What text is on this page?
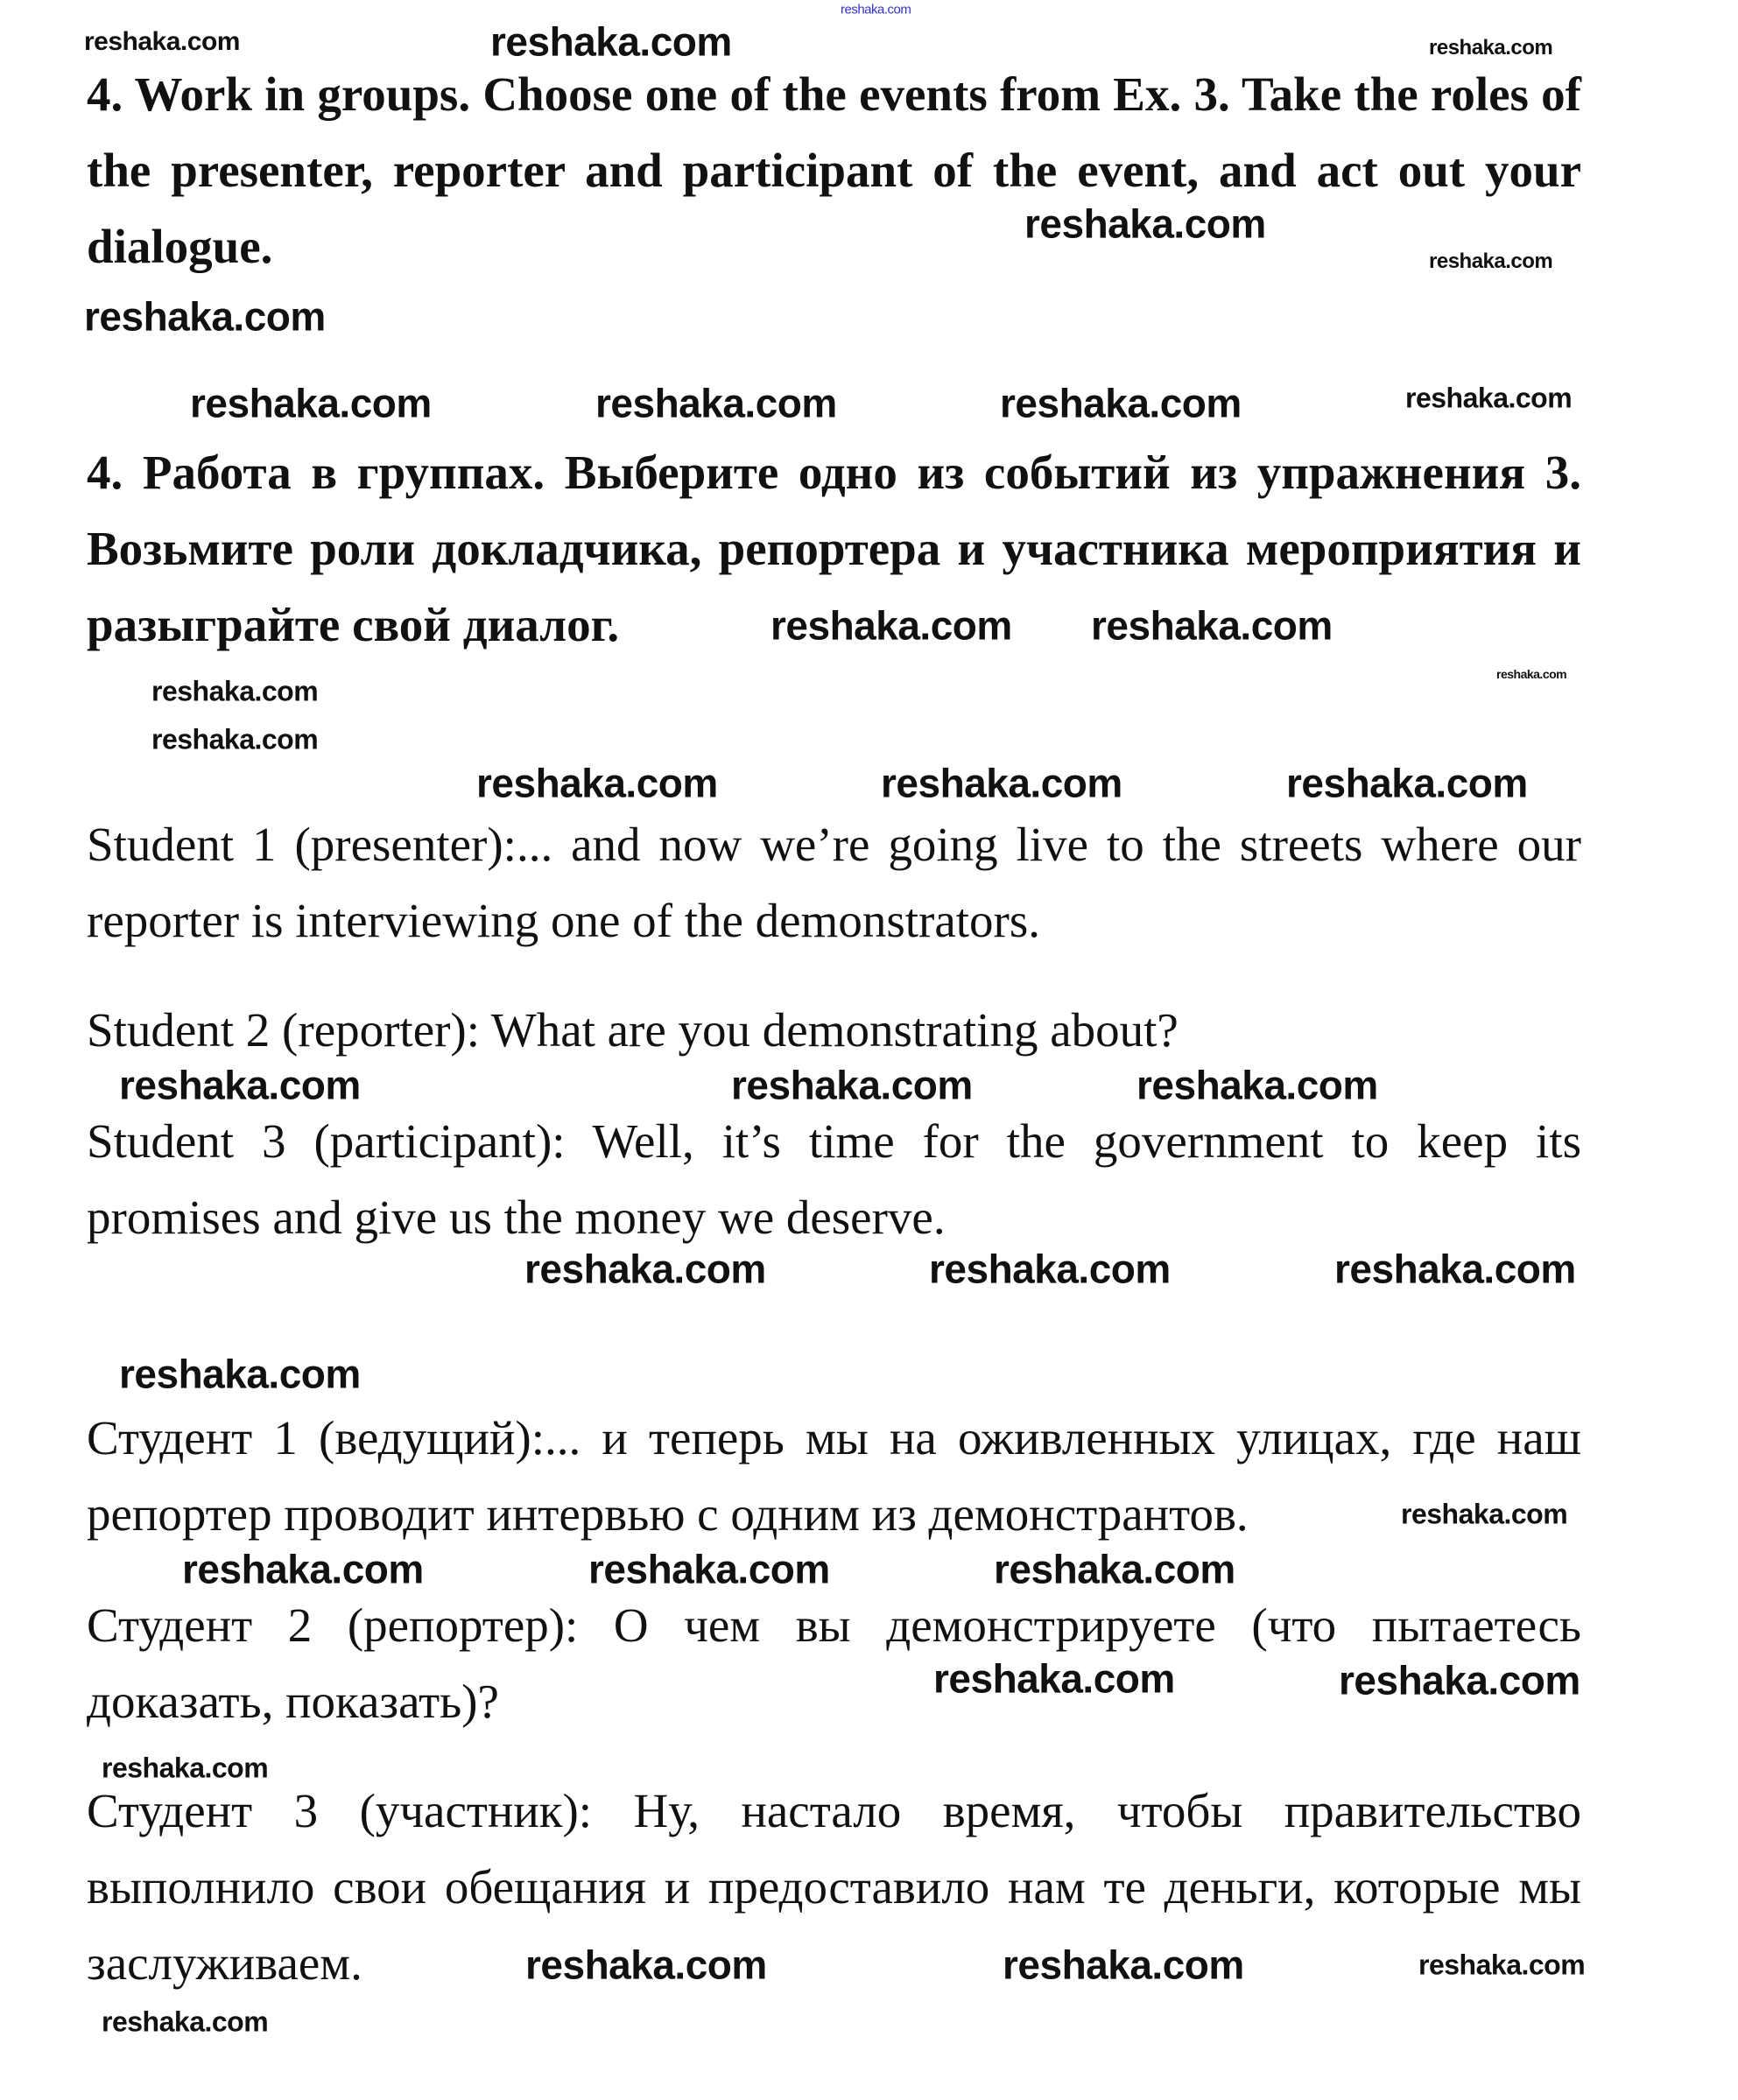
4. Work in groups. Choose one of the events from Ex. 3. Take the roles of the presenter, reporter and participant of the event, and act out your dialogue.

4. Работа в группах. Выберите одно из событий из упражнения 3. Возьмите роли докладчика, репортера и участника мероприятия и разыграйте свой диалог.

Student 1 (presenter):... and now we’re going live to the streets where our reporter is interviewing one of the demonstrators.

Student 2 (reporter): What are you demonstrating about?

Student 3 (participant): Well, it’s time for the government to keep its promises and give us the money we deserve.

Студент 1 (ведущий):... и теперь мы на оживленных улицах, где наш репортер проводит интервью с одним из демонстрантов.

Студент 2 (репортер): О чем вы демонстрируете (что пытаетесь доказать, показать)?

Студент 3 (участник): Ну, настало время, чтобы правительство выполнило свои обещания и предоставило нам те деньги, которые мы заслуживаем.

reshaka.com
reshaka.com	reshaka.com	reshaka.com
reshaka.com
reshaka.com
reshaka.com
reshaka.com	reshaka.com	reshaka.com
reshaka.com
reshaka.com
reshaka.com reshaka.com
reshaka.com
reshaka.com	reshaka.com	reshaka.com
reshaka.com
reshaka.com	reshaka.com
reshaka.com
reshaka.com	reshaka.com	reshaka.com
reshaka.com
reshaka.com	reshaka.com
reshaka.com
reshaka.com
reshaka.com	reshaka.com
reshaka.com
reshaka.com
reshaka.com
reshaka.com	reshaka.com
